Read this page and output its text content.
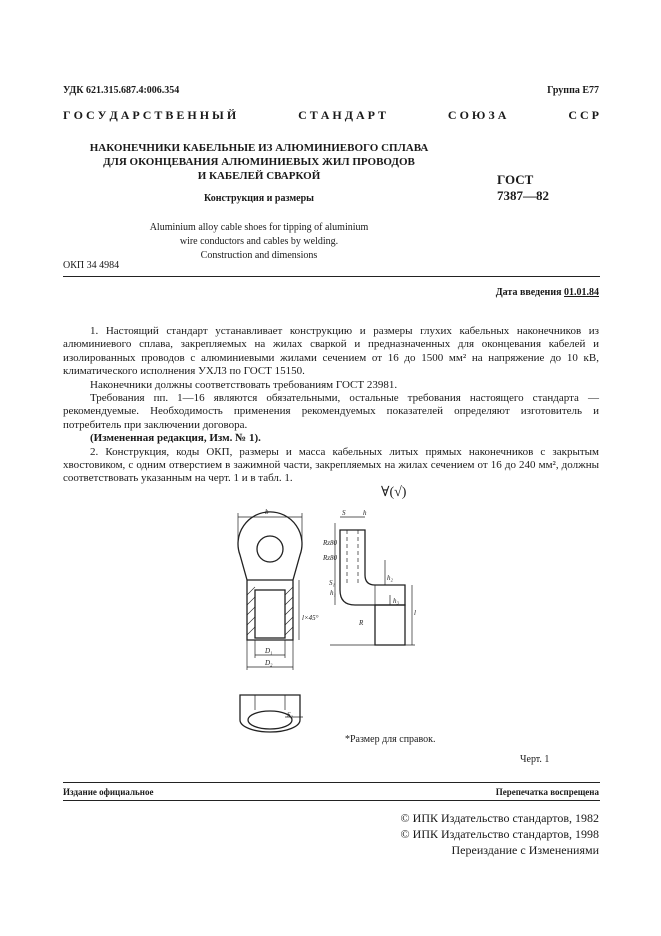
УДК 621.315.687.4:006.354	Группа Е77
Г О С У Д А Р С Т В Е Н Н Ы Й	С Т А Н Д А Р Т	С О Ю З А	С С Р
НАКОНЕЧНИКИ КАБЕЛЬНЫЕ ИЗ АЛЮМИНИЕВОГО СПЛАВА
ДЛЯ ОКОНЦЕВАНИЯ АЛЮМИНИЕВЫХ ЖИЛ ПРОВОДОВ
И КАБЕЛЕЙ СВАРКОЙ
Конструкция и размеры
ГОСТ
7387—82
Aluminium alloy cable shoes for tipping of aluminium
wire conductors and cables by welding.
Construction and dimensions
ОКП 34 4984
Дата введения 01.01.84

1. Настоящий стандарт устанавливает конструкцию и размеры глухих кабельных наконечников из алюминиевого сплава, закрепляемых на жилах сваркой и предназначенных для оконцевания кабелей и изолированных проводов с алюминиевыми жилами сечением от 16 до 1500 мм² на напряжение до 10 кВ, климатического исполнения УХЛ3 по ГОСТ 15150.

Наконечники должны соответствовать требованиям ГОСТ 23981.

Требования пп. 1—16 являются обязательными, остальные требования настоящего стандарта — рекомендуемые. Необходимость применения рекомендуемых показателей определяют изготовитель и потребитель при заключении договора.

(Измененная редакция, Изм. № 1).

2. Конструкция, коды ОКП, размеры и масса кабельных литых прямых наконечников с закрытым хвостовиком, с одним отверстием в зажимной части, закрепляемых на жилах сечением от 16 до 240 мм², должны соответствовать указанным на черт. 1 и в табл. 1.

∀(√)
b	S	h
D₁
D₂
S₁
S₂
h₁
h₂
h₃
l
R
l×45°
Rz80
Rz80
*Размер для справок.
Черт. 1
Издание официальное	Перепечатка воспрещена
© ИПК Издательство стандартов, 1982
© ИПК Издательство стандартов, 1998
Переиздание с Изменениями
